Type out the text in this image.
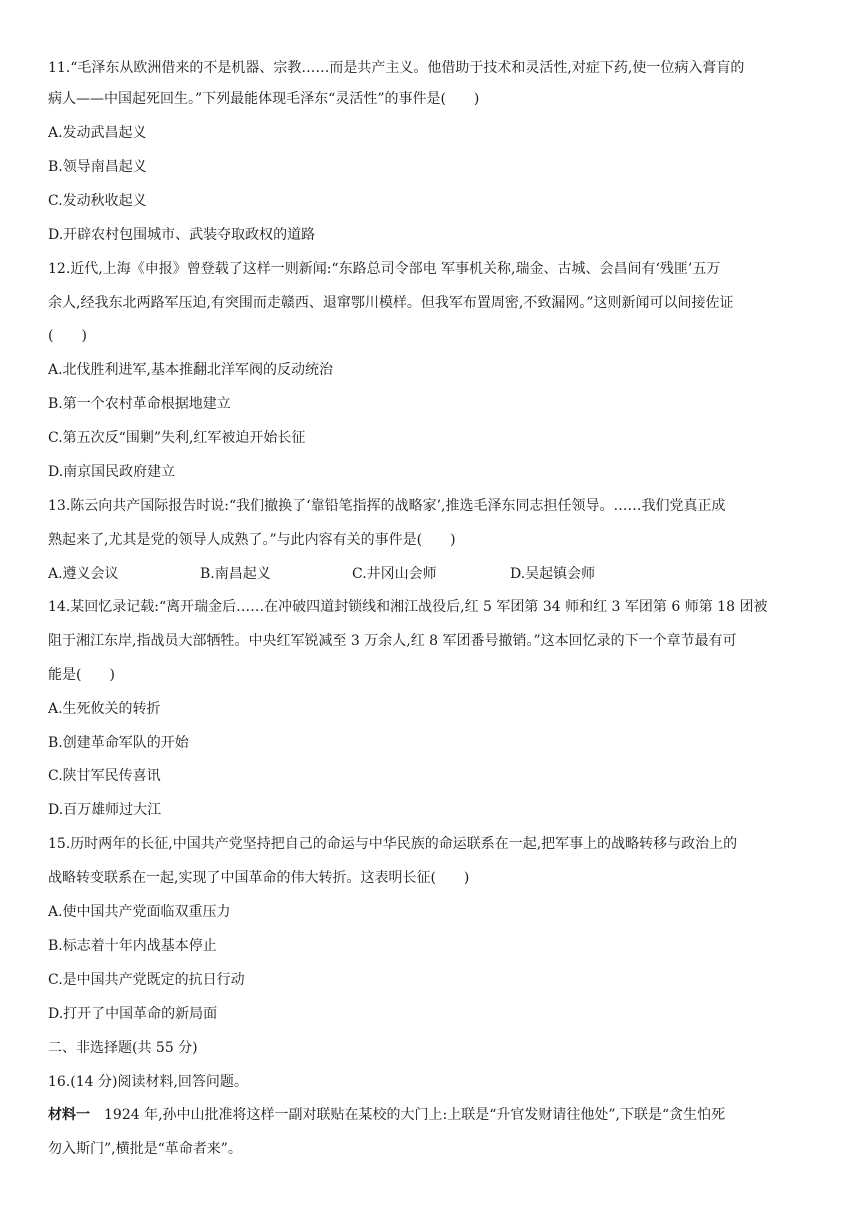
11.“毛泽东从欧洲借来的不是机器、宗教……而是共产主义。他借助于技术和灵活性,对症下药,使一位病入膏肓的
病人——中国起死回生。”下列最能体现毛泽东“灵活性”的事件是(　　)
A.发动武昌起义
B.领导南昌起义
C.发动秋收起义
D.开辟农村包围城市、武装夺取政权的道路
12.近代,上海《申报》曾登载了这样一则新闻:“东路总司令部电 军事机关称,瑞金、古城、会昌间有‘残匪’五万
余人,经我东北两路军压迫,有突围而走赣西、退窜鄂川模样。但我军布置周密,不致漏网。”这则新闻可以间接佐证
(　　)
A.北伐胜利进军,基本推翻北洋军阀的反动统治
B.第一个农村革命根据地建立
C.第五次反“围剿”失利,红军被迫开始长征
D.南京国民政府建立
13.陈云向共产国际报告时说:“我们撤换了‘靠铅笔指挥的战略家’,推选毛泽东同志担任领导。……我们党真正成
熟起来了,尤其是党的领导人成熟了。”与此内容有关的事件是(　　)
A.遵义会议	B.南昌起义	C.井冈山会师	D.吴起镇会师
14.某回忆录记载:“离开瑞金后……在冲破四道封锁线和湘江战役后,红 5 军团第 34 师和红 3 军团第 6 师第 18 团被
阻于湘江东岸,指战员大部牺牲。中央红军锐减至 3 万余人,红 8 军团番号撤销。”这本回忆录的下一个章节最有可
能是(　　)
A.生死攸关的转折
B.创建革命军队的开始
C.陕甘军民传喜讯
D.百万雄师过大江
15.历时两年的长征,中国共产党坚持把自己的命运与中华民族的命运联系在一起,把军事上的战略转移与政治上的
战略转变联系在一起,实现了中国革命的伟大转折。这表明长征(　　)
A.使中国共产党面临双重压力
B.标志着十年内战基本停止
C.是中国共产党既定的抗日行动
D.打开了中国革命的新局面
二、非选择题(共 55 分)
16.(14 分)阅读材料,回答问题。
材料一　1924 年,孙中山批准将这样一副对联贴在某校的大门上:上联是“升官发财请往他处”,下联是“贪生怕死
勿入斯门”,横批是“革命者来”。
